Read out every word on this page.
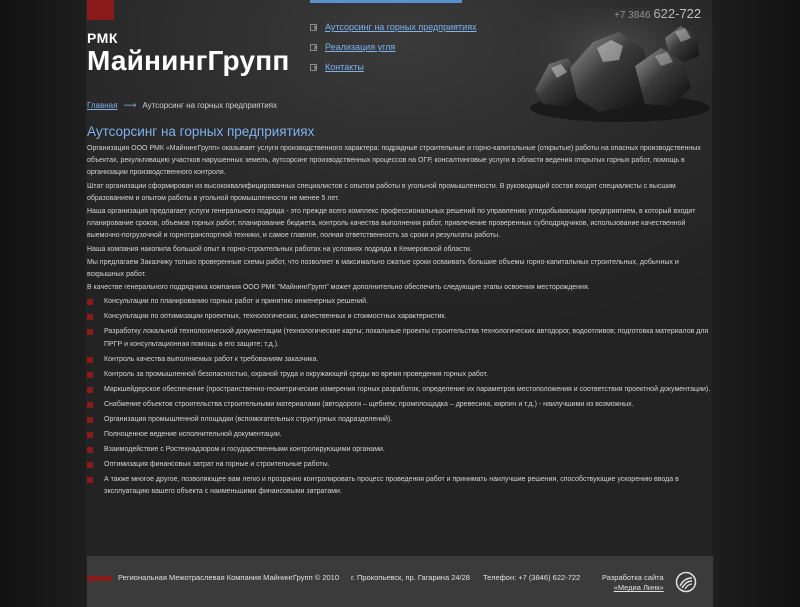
РМК
МайнингГрупп
Аутсорсинг на горных предприятиях
Реализация угля
Контакты
Главная ⟶ Аутсорсинг на горных предприятиях
Аутсорсинг на горных предприятиях

Организация ООО РМК «МайнингГрупп» оказывает услуги производственного характера: подрядные строительные и горно-капитальные (открытые) работы на опасных производственных объектах, рекультивацию участков нарушенных земель, аутсорсинг производственных процессов на ОГР, консалтинговые услуги в области ведения открытых горных работ, помощь в организации производственного контроля.

Штат организации сформирован из высококвалифицированных специалистов с опытом работы в угольной промышленности. В руководящий состав входят специалисты с высшим образованием и опытом работы в угольной промышленности не менее 5 лет.

Наша организация предлагает услуги генерального подряда - это прежде всего комплекс профессиональных решений по управлению угледобывающим предприятием, в который входит планирование сроков, объемов горных работ, планирование бюджета, контроль качества выполнения работ, привлечение проверенных субподрядчиков, использование качественной выемочно-погрузочной и горнотранспортной техники, и самое главное, полная ответственность за сроки и результаты работы.

Наша компания накопила большой опыт в горно-строительных работах на условиях подряда в Кемеровской области.

Мы предлагаем Заказчику только проверенные схемы работ, что позволяет в максимально сжатые сроки осваивать большие объемы горно-капитальных строительных, добычных и вскрышных работ.

В качестве генерального подрядчика компания ООО РМК "МайнингГрупп" может дополнительно обеспечить следующие этапы освоения месторождения.

Консультации по планированию горных работ и принятию инженерных решений.
Консультации по оптимизации проектных, технологических, качественных и стоимостных характеристик.
Разработку локальной технологической документации (технологические карты; локальные проекты строительства технологических автодорог, водоотливов; подготовка материалов для ПРГР и консультационная помощь в его защите; т.д.).
Контроль качества выполняемых работ к требованиям заказчика.
Контроль за промышленной безопасностью, охраной труда и окружающей среды во время проведения горных работ.
Маркшейдерское обеспечение (пространственно-геометрические измерения горных разработок, определение их параметров местоположения и соответствия проектной документации).
Снабжение объектов строительства строительными материалами (автодороги – щебнем; промплощадка – древесина, кирпич и т.д.) - наилучшими из возможных.
Организация промышленной площадки (вспомогательных структурных подразделений).
Полноценное ведение исполнительной документации.
Взаимодействие с Ростехнадзором и государственными контролирующими органами.
Оптимизация финансовых затрат на горные и строительные работы.
А также многое другое, позволяющее вам легко и прозрачно контролировать процесс проведения работ и принимать наилучшие решения, способствующие ускорению ввода в эксплуатацию вашего объекта с наименьшими финансовыми затратами.
Региональная Межотраслевая Компания МайнингГрупп © 2010 г. Прокопьевск, пр. Гагарина 24/28 Телефон: +7 (3846) 622-722	Разработка сайта
«Медиа Линк»
